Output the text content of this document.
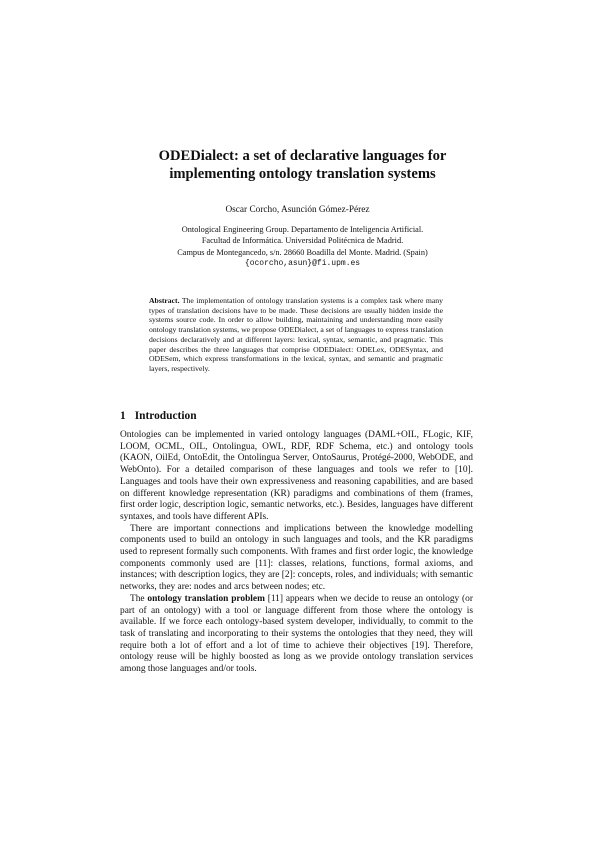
ODEDialect: a set of declarative languages for
implementing ontology translation systems
Oscar Corcho, Asunción Gómez-Pérez
Ontological Engineering Group. Departamento de Inteligencia Artificial.
Facultad de Informática. Universidad Politécnica de Madrid.
Campus de Montegancedo, s/n. 28660 Boadilla del Monte. Madrid. (Spain)
{ocorcho,asun}@fi.upm.es
Abstract. The implementation of ontology translation systems is a complex task where many types of translation decisions have to be made. These decisions are usually hidden inside the systems source code. In order to allow building, maintaining and understanding more easily ontology translation systems, we propose ODEDialect, a set of languages to express translation decisions declaratively and at different layers: lexical, syntax, semantic, and pragmatic. This paper describes the three languages that comprise ODEDialect: ODELex, ODESyntax, and ODESem, which express transformations in the lexical, syntax, and semantic and pragmatic layers, respectively.
1 Introduction

Ontologies can be implemented in varied ontology languages (DAML+OIL, FLogic, KIF, LOOM, OCML, OIL, Ontolingua, OWL, RDF, RDF Schema, etc.) and ontology tools (KAON, OilEd, OntoEdit, the Ontolingua Server, OntoSaurus, Protégé-2000, WebODE, and WebOnto). For a detailed comparison of these languages and tools we refer to [10]. Languages and tools have their own expressiveness and reasoning capabilities, and are based on different knowledge representation (KR) paradigms and combinations of them (frames, first order logic, description logic, semantic networks, etc.). Besides, languages have different syntaxes, and tools have different APIs.

There are important connections and implications between the knowledge modelling components used to build an ontology in such languages and tools, and the KR paradigms used to represent formally such components. With frames and first order logic, the knowledge components commonly used are [11]: classes, relations, functions, formal axioms, and instances; with description logics, they are [2]: concepts, roles, and individuals; with semantic networks, they are: nodes and arcs between nodes; etc.

The ontology translation problem [11] appears when we decide to reuse an ontology (or part of an ontology) with a tool or language different from those where the ontology is available. If we force each ontology-based system developer, individually, to commit to the task of translating and incorporating to their systems the ontologies that they need, they will require both a lot of effort and a lot of time to achieve their objectives [19]. Therefore, ontology reuse will be highly boosted as long as we provide ontology translation services among those languages and/or tools.
